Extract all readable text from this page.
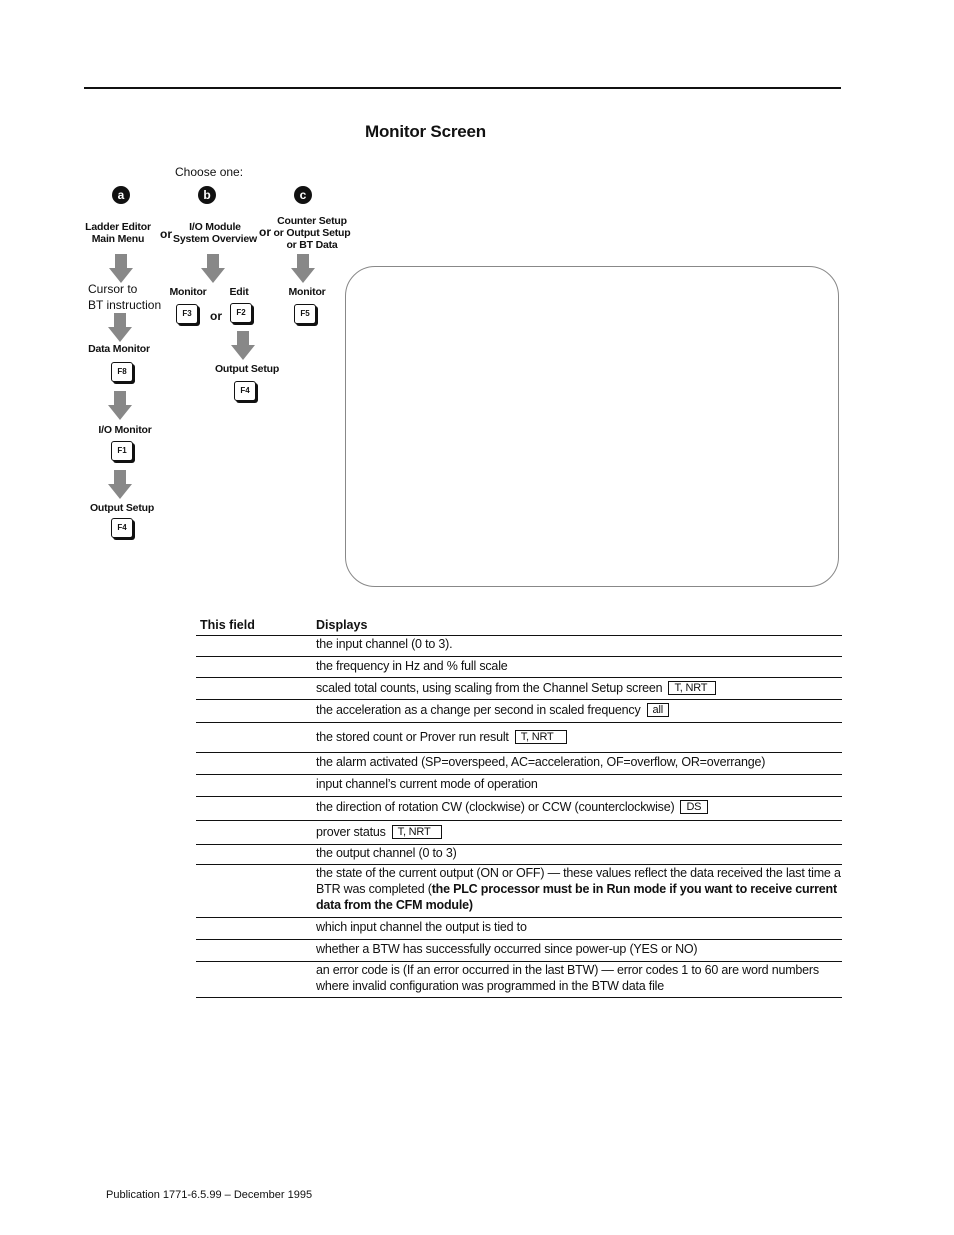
Monitor Screen
Choose one:
a	b	c
Ladder Editor
Main Menu	or	I/O Module
System Overview or
Counter Setup
or Output Setup
or BT Data
Cursor to
BT instruction
Monitor	Edit	Monitor
F3	or	F2	F5
Data Monitor
F8	Output Setup
F4
I/O Monitor
F1
Output Setup
F4
This field	Displays
the input channel (0 to 3).
the frequency in Hz and % full scale
scaled total counts, using scaling from the Channel Setup screen T, NRT
the acceleration as a change per second in scaled frequency all
the stored count or Prover run result T, NRT
the alarm activated (SP=overspeed, AC=acceleration, OF=overflow, OR=overrange)
input channel’s current mode of operation
the direction of rotation CW (clockwise) or CCW (counterclockwise) DS
prover status T, NRT
the output channel (0 to 3)
the state of the current output (ON or OFF) — these values reflect the data received the last time a BTR was completed (the PLC processor must be in Run mode if you want to receive current data from the CFM module)
which input channel the output is tied to
whether a BTW has successfully occurred since power-up (YES or NO)
an error code is (If an error occurred in the last BTW) — error codes 1 to 60 are word numbers where invalid configuration was programmed in the BTW data file
Publication 1771-6.5.99 – December 1995
